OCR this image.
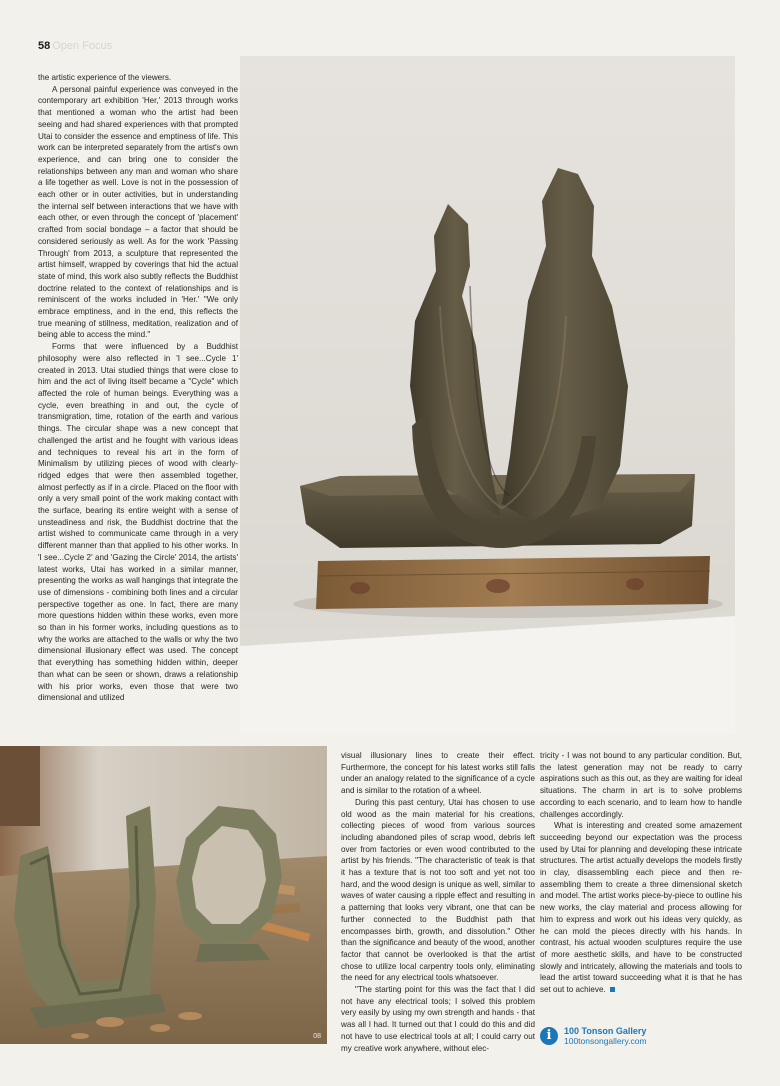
58 Open Focus

the artistic experience of the viewers.

A personal painful experience was conveyed in the contemporary art exhibition 'Her,' 2013 through works that mentioned a woman who the artist had been seeing and had shared experiences with that prompted Utai to consider the essence and emptiness of life. This work can be interpreted separately from the artist's own experience, and can bring one to consider the relationships between any man and woman who share a life together as well. Love is not in the possession of each other or in outer activities, but in understanding the internal self between interactions that we have with each other, or even through the concept of 'placement' crafted from social bondage – a factor that should be considered seriously as well. As for the work 'Passing Through' from 2013, a sculpture that represented the artist himself, wrapped by coverings that hid the actual state of mind, this work also subtly reflects the Buddhist doctrine related to the context of relationships and is reminiscent of the works included in 'Her.' "We only embrace emptiness, and in the end, this reflects the true meaning of stillness, meditation, realization and of being able to access the mind."

Forms that were influenced by a Buddhist philosophy were also reflected in 'I see...Cycle 1' created in 2013. Utai studied things that were close to him and the act of living itself became a "Cycle" which affected the role of human beings. Everything was a cycle, even breathing in and out, the cycle of transmigration, time, rotation of the earth and various things. The circular shape was a new concept that challenged the artist and he fought with various ideas and techniques to reveal his art in the form of Minimalism by utilizing pieces of wood with clearly-ridged edges that were then assembled together, almost perfectly as if in a circle. Placed on the floor with only a very small point of the work making contact with the surface, bearing its entire weight with a sense of unsteadiness and risk, the Buddhist doctrine that the artist wished to communicate came through in a very different manner than that applied to his other works. In 'I see...Cycle 2' and 'Gazing the Circle' 2014, the artists' latest works, Utai has worked in a similar manner, presenting the works as wall hangings that integrate the use of dimensions - combining both lines and a circular perspective together as one. In fact, there are many more questions hidden within these works, even more so than in his former works, including questions as to why the works are attached to the walls or why the two dimensional illusionary effect was used. The concept that everything has something hidden within, deeper than what can be seen or shown, draws a relationship with his prior works, even those that were two dimensional and utilized

07
08

visual illusionary lines to create their effect. Furthermore, the concept for his latest works still falls under an analogy related to the significance of a cycle and is similar to the rotation of a wheel.

During this past century, Utai has chosen to use old wood as the main material for his creations, collecting pieces of wood from various sources including abandoned piles of scrap wood, debris left over from factories or even wood contributed to the artist by his friends. "The characteristic of teak is that it has a texture that is not too soft and yet not too hard, and the wood design is unique as well, similar to waves of water causing a ripple effect and resulting in a patterning that looks very vibrant, one that can be further connected to the Buddhist path that encompasses birth, growth, and dissolution." Other than the significance and beauty of the wood, another factor that cannot be overlooked is that the artist chose to utilize local carpentry tools only, eliminating the need for any electrical tools whatsoever.

"The starting point for this was the fact that I did not have any electrical tools; I solved this problem very easily by using my own strength and hands - that was all I had. It turned out that I could do this and did not have to use electrical tools at all; I could carry out my creative work anywhere, without elec-

tricity - I was not bound to any particular condition. But, the latest generation may not be ready to carry aspirations such as this out, as they are waiting for ideal situations. The charm in art is to solve problems according to each scenario, and to learn how to handle challenges accordingly.

What is interesting and created some amazement succeeding beyond our expectation was the process used by Utai for planning and developing these intricate structures. The artist actually develops the models firstly in clay, disassembling each piece and then re-assembling them to create a three dimensional sketch and model. The artist works piece-by-piece to outline his new works, the clay material and process allowing for him to express and work out his ideas very quickly, as he can mold the pieces directly with his hands. In contrast, his actual wooden sculptures require the use of more aesthetic skills, and have to be constructed slowly and intricately, allowing the materials and tools to lead the artist toward succeeding what it is that he has set out to achieve.

i	100 Tonson Gallery
100tonsongallery.com
